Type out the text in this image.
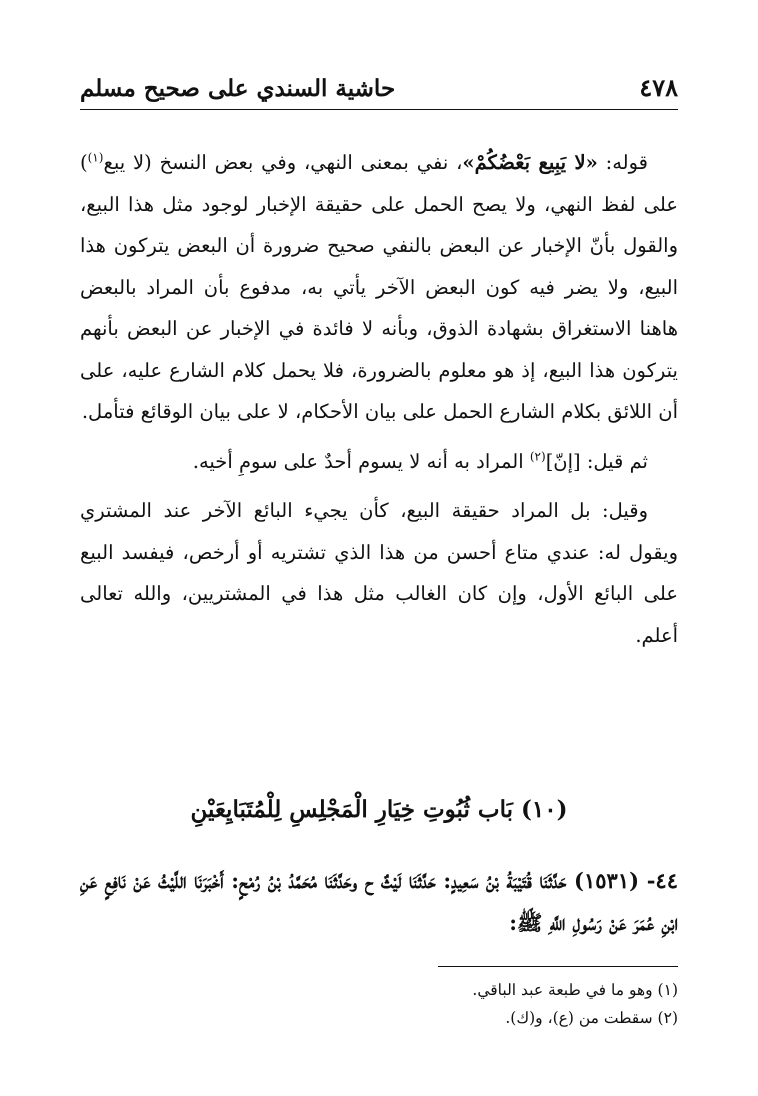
٤٧٨
حاشية السندي على صحيح مسلم

قوله: «لا يَبِيع بَعْضُكُمْ»، نفي بمعنى النهي، وفي بعض النسخ (لا يبع$^{(١)}$) على لفظ النهي، ولا يصح الحمل على حقيقة الإخبار لوجود مثل هذا البيع، والقول بأنّ الإخبار عن البعض بالنفي صحيح ضرورة أن البعض يتركون هذا البيع، ولا يضر فيه كون البعض الآخر يأتي به، مدفوع بأن المراد بالبعض هاهنا الاستغراق بشهادة الذوق، وبأنه لا فائدة في الإخبار عن البعض بأنهم يتركون هذا البيع، إذ هو معلوم بالضرورة، فلا يحمل كلام الشارع عليه، على أن اللائق بكلام الشارع الحمل على بيان الأحكام، لا على بيان الوقائع فتأمل.

ثم قيل: [إنّ]$^{(٢)}$ المراد به أنه لا يسوم أحدٌ على سومِ أخيه.

وقيل: بل المراد حقيقة البيع، كأن يجيء البائع الآخر عند المشتري ويقول له: عندي متاع أحسن من هذا الذي تشتريه أو أرخص، فيفسد البيع على البائع الأول، وإن كان الغالب مثل هذا في المشتريين، والله تعالى أعلم.

(١٠) بَاب ثُبُوتِ خِيَارِ الْمَجْلِسِ لِلْمُتَبَايِعَيْنِ

٤٤- (١٥٣١) حَدَّثَنَا قُتَيْبَةُ بْنُ سَعِيدٍ: حَدَّثَنَا لَيْثٌ ح وحَدَّثَنَا مُحَمَّدُ بْنُ رُمْحٍ: أَخْبَرَنَا اللَّيْثُ عَنْ نَافِعٍ عَنِ ابْنِ عُمَرَ عَنْ رَسُولِ اللَّهِ ﷺ:

(١) وهو ما في طبعة عبد الباقي.
(٢) سقطت من (ع)، و(ك).
